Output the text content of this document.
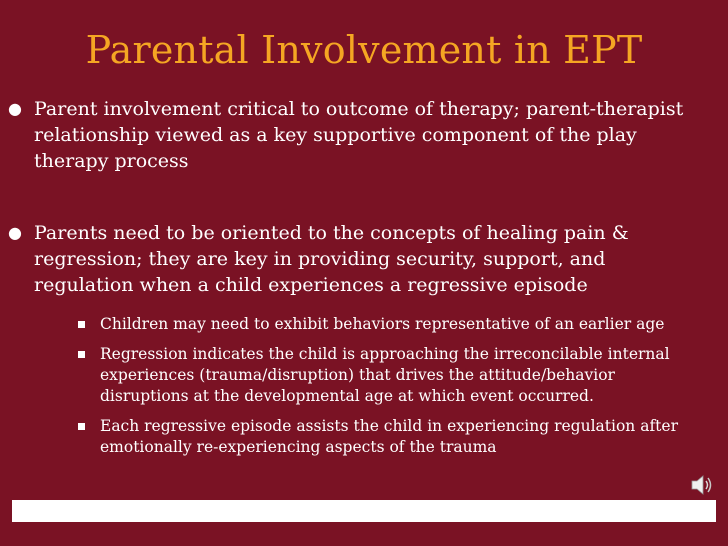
Parental Involvement in EPT
● Parent involvement critical to outcome of therapy; parent-therapist relationship viewed as a key supportive component of the play therapy process
● Parents need to be oriented to the concepts of healing pain & regression; they are key in providing security, support, and regulation when a child experiences a regressive episode
Children may need to exhibit behaviors representative of an earlier age
Regression indicates the child is approaching the irreconcilable internal experiences (trauma/disruption) that drives the attitude/behavior disruptions at the developmental age at which event occurred.
Each regressive episode assists the child in experiencing regulation after emotionally re-experiencing aspects of the trauma
